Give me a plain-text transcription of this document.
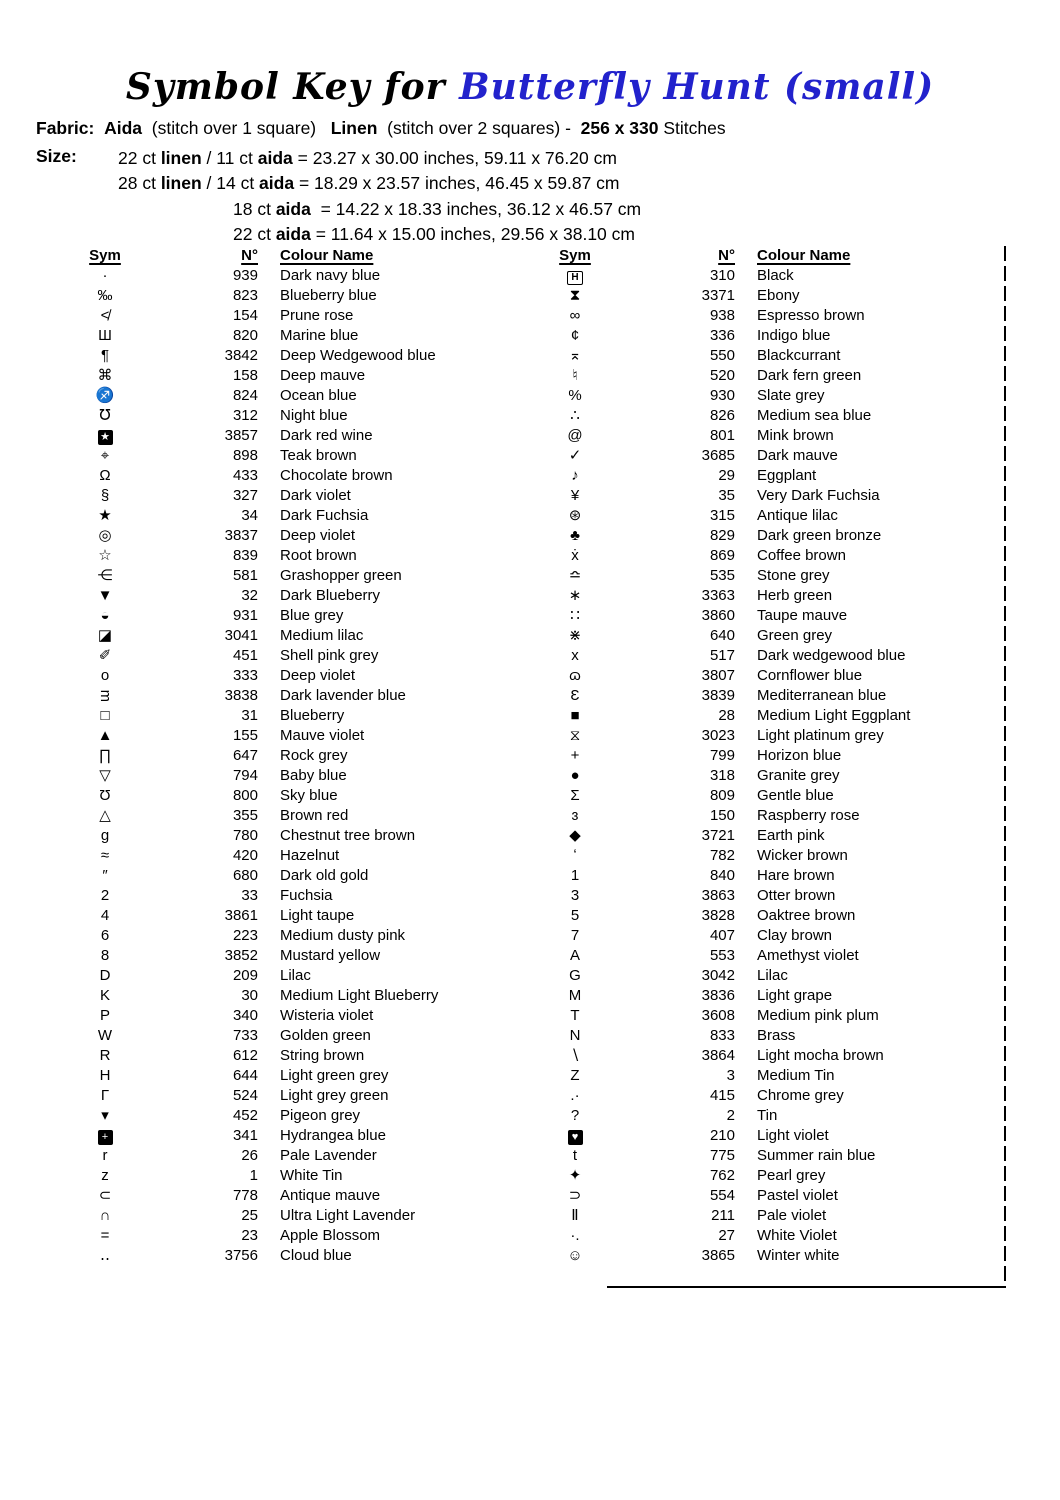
Symbol Key for Butterfly Hunt (small)
Fabric: Aida  (stitch over 1 square)   Linen  (stitch over 2 squares) -  256 x 330 Stitches
Size: 22 ct linen / 11 ct aida = 23.27 x 30.00 inches, 59.11 x 76.20 cm
28 ct linen / 14 ct aida = 18.29 x 23.57 inches, 46.45 x 59.87 cm
18 ct aida  = 14.22 x 18.33 inches, 36.12 x 46.57 cm
22 ct aida = 11.64 x 15.00 inches, 29.56 x 38.10 cm
Sym	N°	Colour Name
·	939	Dark navy blue
‰	823	Blueberry blue
≮	154	Prune rose
Ш	820	Marine blue
¶	3842	Deep Wedgewood blue
⌘	158	Deep mauve
♐	824	Ocean blue
℧	312	Night blue
★	3857	Dark red wine
⌖	898	Teak brown
Ω	433	Chocolate brown
§	327	Dark violet
★	34	Dark Fuchsia
◎	3837	Deep violet
☆	839	Root brown
⋲	581	Grashopper green
▼	32	Dark Blueberry
◒	931	Blue grey
◪	3041	Medium lilac
✐	451	Shell pink grey
o	333	Deep violet
ᴟ	3838	Dark lavender blue
□	31	Blueberry
▲	155	Mauve violet
∏	647	Rock grey
▽	794	Baby blue
Ʊ	800	Sky blue
△	355	Brown red
g	780	Chestnut tree brown
≈	420	Hazelnut
″	680	Dark old gold
2	33	Fuchsia
4	3861	Light taupe
6	223	Medium dusty pink
8	3852	Mustard yellow
D	209	Lilac
K	30	Medium Light Blueberry
P	340	Wisteria violet
W	733	Golden green
R	612	String brown
H	644	Light green grey
Γ	524	Light grey green
▾	452	Pigeon grey
+	341	Hydrangea blue
r	26	Pale Lavender
z	1	White Tin
⊂	778	Antique mauve
∩	25	Ultra Light Lavender
=	23	Apple Blossom
‥	3756	Cloud blue
Sym	N°	Colour Name
H	310	Black
⧗	3371	Ebony
∞	938	Espresso brown
¢	336	Indigo blue
⌅	550	Blackcurrant
♮	520	Dark fern green
%	930	Slate grey
∴	826	Medium sea blue
@	801	Mink brown
✓	3685	Dark mauve
♪	29	Eggplant
¥	35	Very Dark Fuchsia
⊛	315	Antique lilac
♣	829	Dark green bronze
ẋ	869	Coffee brown
≏	535	Stone grey
∗	3363	Herb green
∷	3860	Taupe mauve
⋇	640	Green grey
x	517	Dark wedgewood blue
ɷ	3807	Cornflower blue
Ɛ	3839	Mediterranean blue
■	28	Medium Light Eggplant
⧖	3023	Light platinum grey
+	799	Horizon blue
●	318	Granite grey
Σ	809	Gentle blue
ɜ	150	Raspberry rose
◆	3721	Earth pink
ʻ	782	Wicker brown
1	840	Hare brown
3	3863	Otter brown
5	3828	Oaktree brown
7	407	Clay brown
A	553	Amethyst violet
G	3042	Lilac
M	3836	Light grape
T	3608	Medium pink plum
N	833	Brass
∖	3864	Light mocha brown
Z	3	Medium Tin
.·	415	Chrome grey
?	2	Tin
♥	210	Light violet
t	775	Summer rain blue
✦	762	Pearl grey
⊃	554	Pastel violet
Ⅱ	211	Pale violet
·.	27	White Violet
☺	3865	Winter white
